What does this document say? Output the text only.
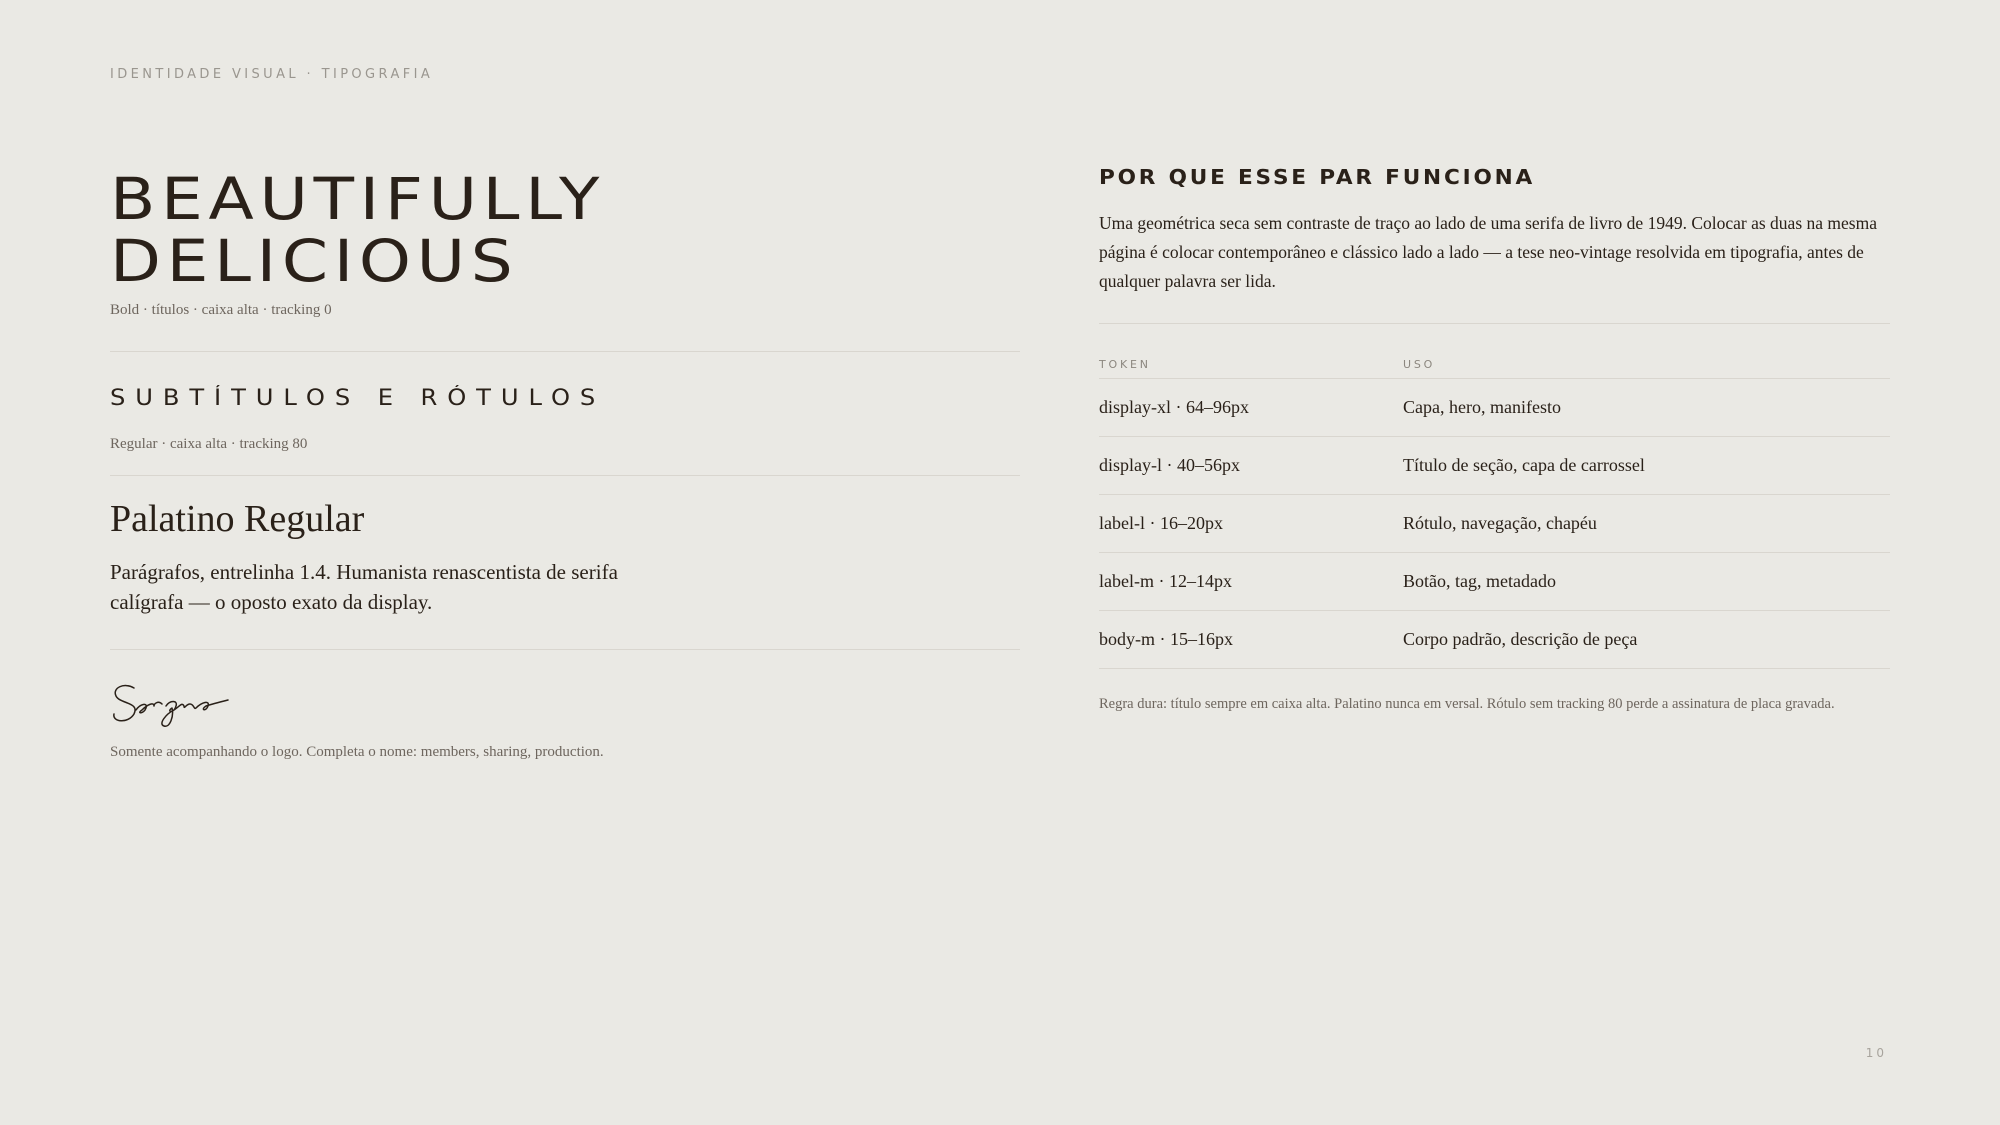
IDENTIDADE VISUAL · TIPOGRAFIA
BEAUTIFULLY
DELICIOUS
Bold · títulos · caixa alta · tracking 0
SUBTÍTULOS E RÓTULOS
Regular · caixa alta · tracking 80
Palatino Regular
Parágrafos, entrelinha 1.4. Humanista renascentista de serifa calígrafa — o oposto exato da display.
Somente acompanhando o logo. Completa o nome: members, sharing, production.
POR QUE ESSE PAR FUNCIONA
Uma geométrica seca sem contraste de traço ao lado de uma serifa de livro de 1949. Colocar as duas na mesma página é colocar contemporâneo e clássico lado a lado — a tese neo-vintage resolvida em tipografia, antes de qualquer palavra ser lida.
TOKEN	USO
display-xl · 64–96px	Capa, hero, manifesto
display-l · 40–56px	Título de seção, capa de carrossel
label-l · 16–20px	Rótulo, navegação, chapéu
label-m · 12–14px	Botão, tag, metadado
body-m · 15–16px	Corpo padrão, descrição de peça
Regra dura: título sempre em caixa alta. Palatino nunca em versal. Rótulo sem tracking 80 perde a assinatura de placa gravada.
10
